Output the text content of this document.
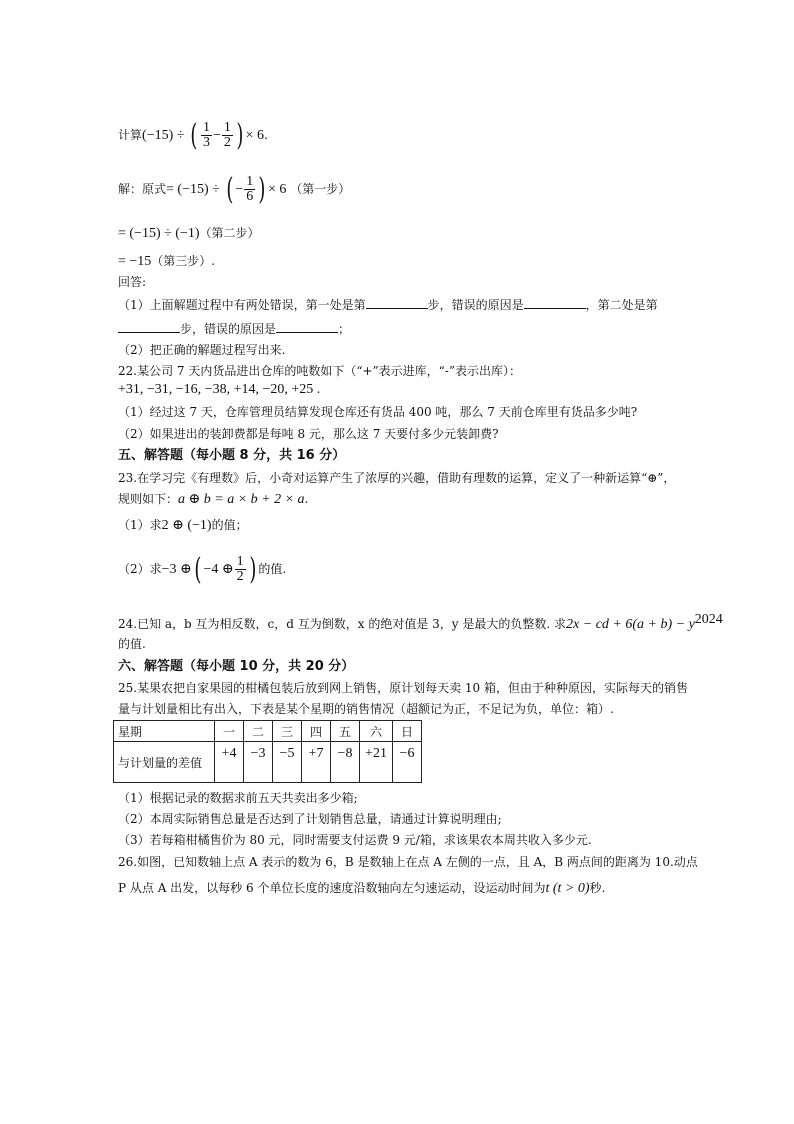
计算(−15) ÷ ( $\frac{1}{3} - \frac{1}{2}$ ) × 6.
解：原式= (−15) ÷ ( − $\frac{1}{6}$ ) × 6 （第一步）
= (−15) ÷ (−1)（第二步）
= −15（第三步）.
回答:
（1）上面解题过程中有两处错误，第一处是第	步，错误的原因是	，第二处是第
步，错误的原因是	；
（2）把正确的解题过程写出来.
22.某公司 7 天内货品进出仓库的吨数如下（“+”表示进库，“-”表示出库）：
+31, −31, −16, −38, +14, −20, +25 .
（1）经过这 7 天，仓库管理员结算发现仓库还有货品 400 吨，那么 7 天前仓库里有货品多少吨?
（2）如果进出的装卸费都是每吨 8 元，那么这 7 天要付多少元装卸费?
五、解答题（每小题 8 分，共 16 分）
23.在学习完《有理数》后，小奇对运算产生了浓厚的兴趣，借助有理数的运算，定义了一种新运算“⊕”，
规则如下：a ⊕ b = a × b + 2 × a.
（1）求2 ⊕ (−1)的值；
（2）求−3 ⊕( −4 ⊕ $\frac{1}{2}$ ) 的值.
24.已知 a，b 互为相反数，c，d 互为倒数，x 的绝对值是 3，y 是最大的负整数. 求2x − cd + $6(a + b) - y^{2024}$
的值.
六、解答题（每小题 10 分，共 20 分）
25.某果农把自家果园的柑橘包装后放到网上销售，原计划每天卖 10 箱，但由于种种原因，实际每天的销售
量与计划量相比有出入，下表是某个星期的销售情况（超额记为正，不足记为负，单位：箱）.
星期	一	二	三	四	五	六	日
与计划量的差值	+4	−3	−5	+7	−8	+21	−6
（1）根据记录的数据求前五天共卖出多少箱;
（2）本周实际销售总量是否达到了计划销售总量，请通过计算说明理由;
（3）若每箱柑橘售价为 80 元，同时需要支付运费 9 元/箱，求该果农本周共收入多少元.
26.如图，已知数轴上点 A 表示的数为 6，B 是数轴上在点 A 左侧的一点，且 A，B 两点间的距离为 10.动点
P 从点 A 出发，以每秒 6 个单位长度的速度沿数轴向左匀速运动，设运动时间为t (t > 0)秒.
